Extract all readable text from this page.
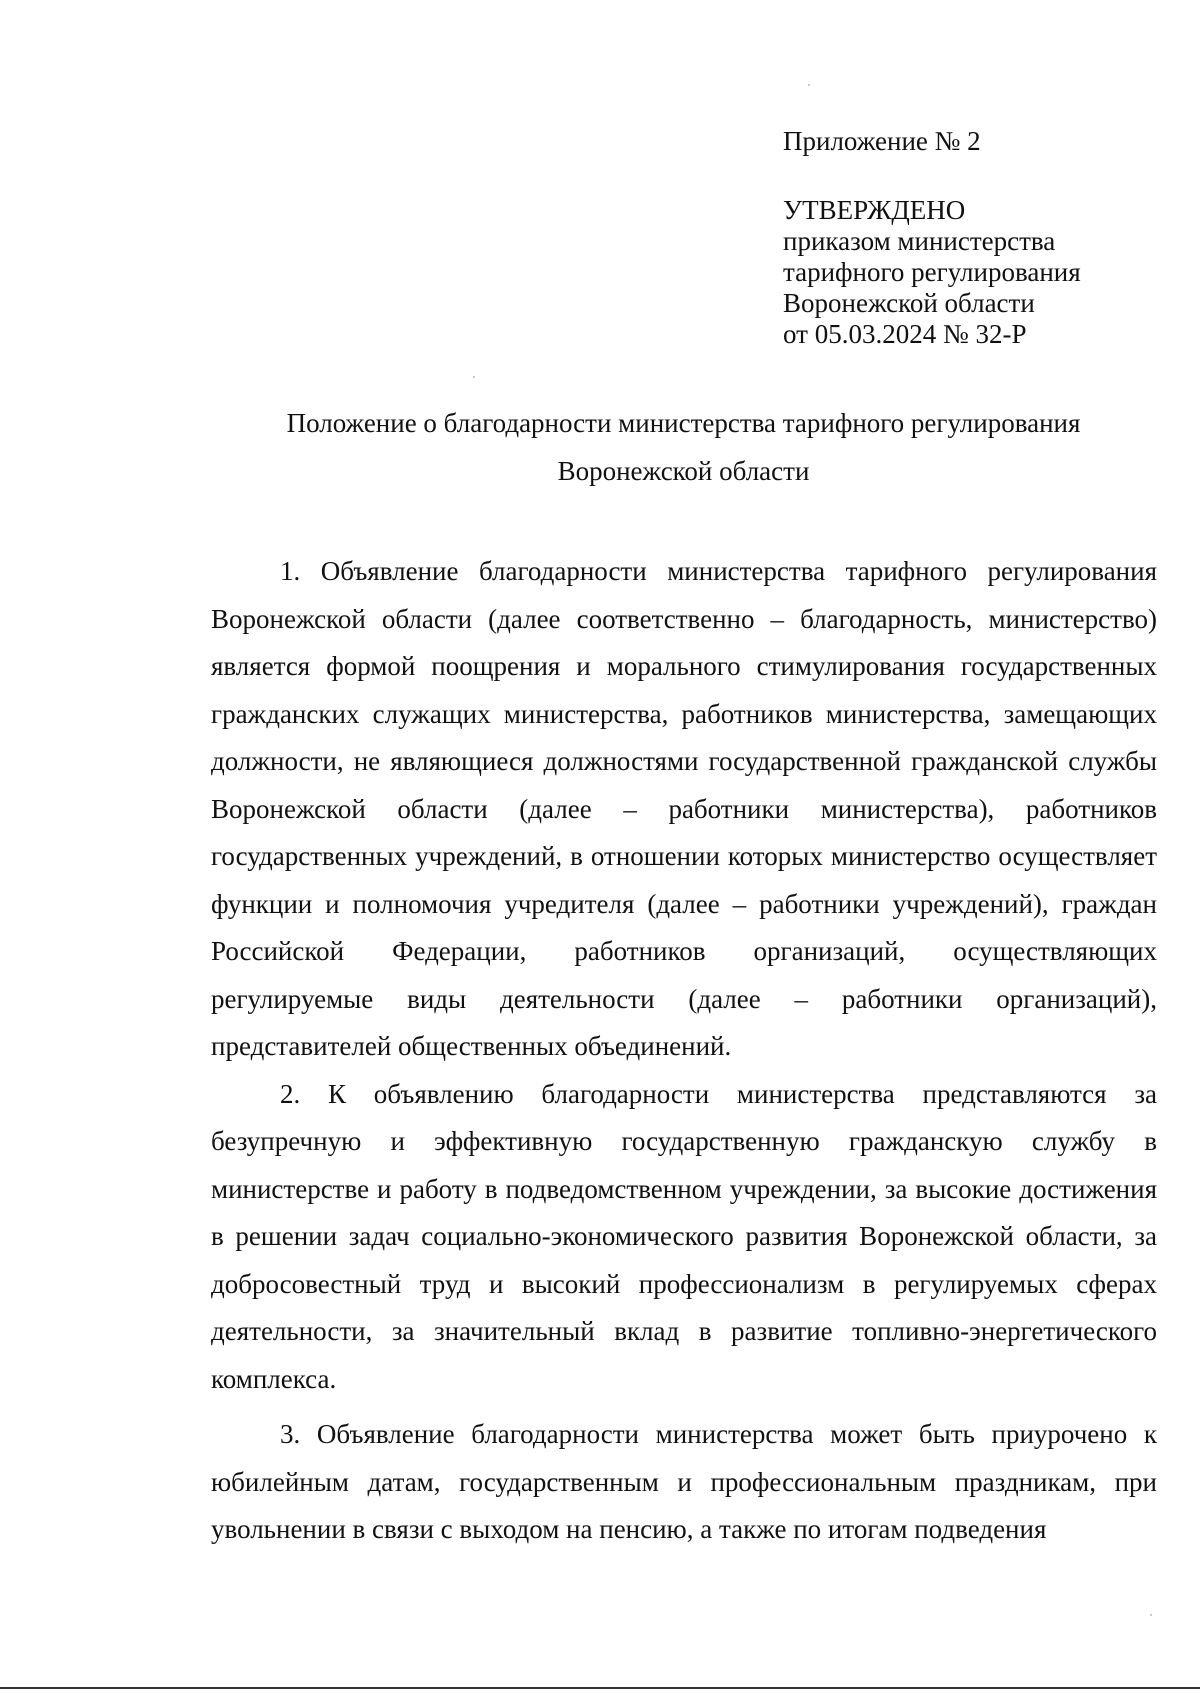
Приложение № 2
УТВЕРЖДЕНО
приказом министерства
тарифного регулирования
Воронежской области
от 05.03.2024 № 32-Р
Положение о благодарности министерства тарифного регулирования
Воронежской области

1. Объявление благодарности министерства тарифного регулирования Воронежской области (далее соответственно – благодарность, министерство) является формой поощрения и морального стимулирования государственных гражданских служащих министерства, работников министерства, замещающих должности, не являющиеся должностями государственной гражданской службы Воронежской области (далее – работники министерства), работников государственных учреждений, в отношении которых министерство осуществляет функции и полномочия учредителя (далее – работники учреждений), граждан Российской Федерации, работников организаций, осуществляющих регулируемые виды деятельности (далее – работники организаций), представителей общественных объединений.

2. К объявлению благодарности министерства представляются за безупречную и эффективную государственную гражданскую службу в министерстве и работу в подведомственном учреждении, за высокие достижения в решении задач социально-экономического развития Воронежской области, за добросовестный труд и высокий профессионализм в регулируемых сферах деятельности, за значительный вклад в развитие топливно-энергетического комплекса.

3. Объявление благодарности министерства может быть приурочено к юбилейным датам, государственным и профессиональным праздникам, при увольнении в связи с выходом на пенсию, а также по итогам подведения
